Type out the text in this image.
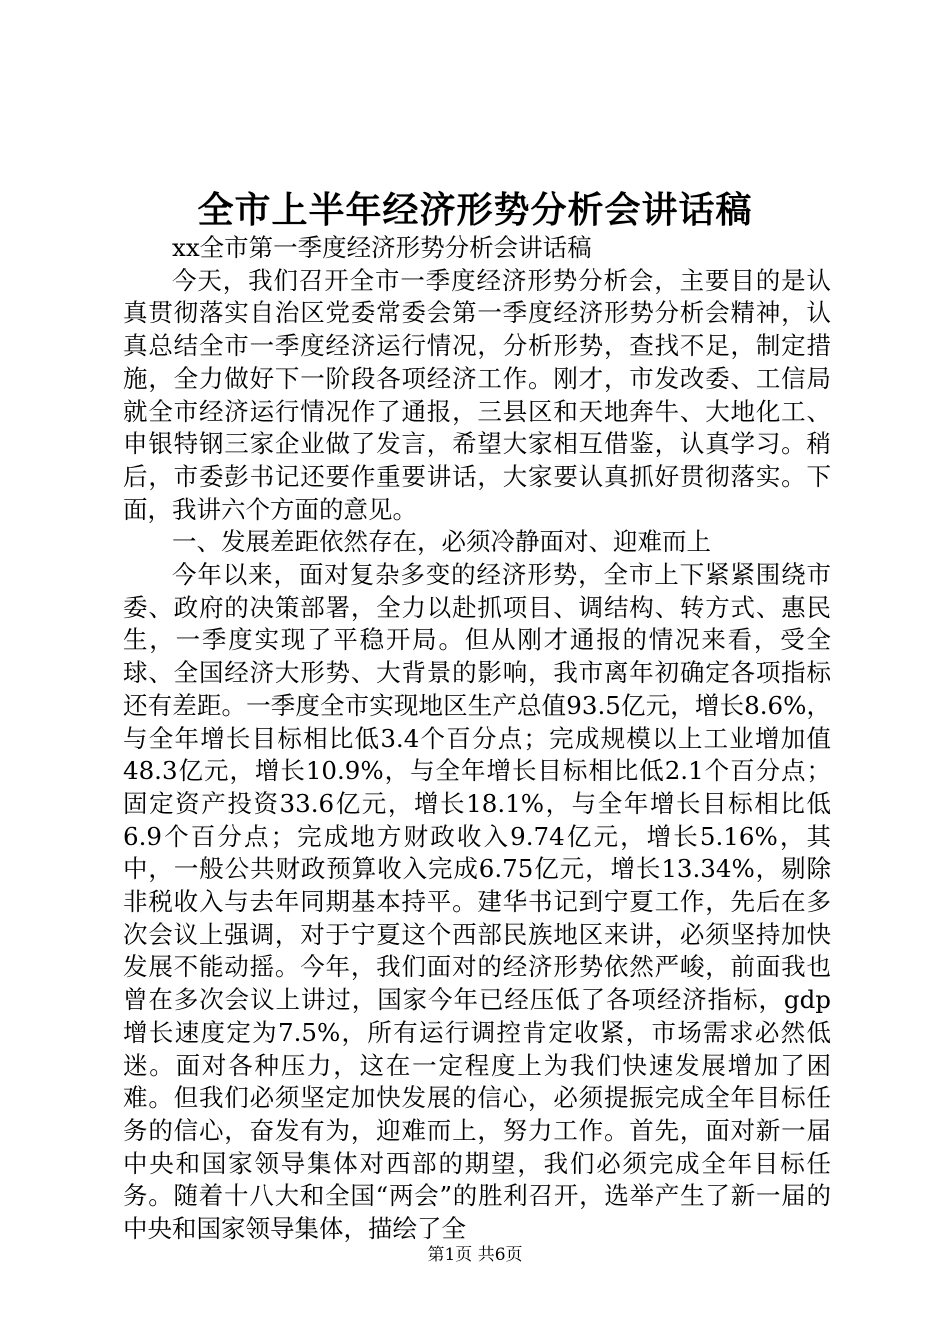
全市上半年经济形势分析会讲话稿

xx全市第一季度经济形势分析会讲话稿

今天，我们召开全市一季度经济形势分析会，主要目的是认真贯彻落实自治区党委常委会第一季度经济形势分析会精神，认真总结全市一季度经济运行情况，分析形势，查找不足，制定措施，全力做好下一阶段各项经济工作。刚才，市发改委、工信局就全市经济运行情况作了通报，三县区和天地奔牛、大地化工、申银特钢三家企业做了发言，希望大家相互借鉴，认真学习。稍后，市委彭书记还要作重要讲话，大家要认真抓好贯彻落实。下面，我讲六个方面的意见。

一、发展差距依然存在，必须冷静面对、迎难而上

今年以来，面对复杂多变的经济形势，全市上下紧紧围绕市委、政府的决策部署，全力以赴抓项目、调结构、转方式、惠民生，一季度实现了平稳开局。但从刚才通报的情况来看，受全球、全国经济大形势、大背景的影响，我市离年初确定各项指标还有差距。一季度全市实现地区生产总值93.5亿元，增长8.6%，与全年增长目标相比低3.4个百分点；完成规模以上工业增加值48.3亿元，增长10.9%，与全年增长目标相比低2.1个百分点；固定资产投资33.6亿元，增长18.1%，与全年增长目标相比低6.9个百分点；完成地方财政收入9.74亿元，增长5.16%，其中，一般公共财政预算收入完成6.75亿元，增长13.34%，剔除非税收入与去年同期基本持平。建华书记到宁夏工作，先后在多次会议上强调，对于宁夏这个西部民族地区来讲，必须坚持加快发展不能动摇。今年，我们面对的经济形势依然严峻，前面我也曾在多次会议上讲过，国家今年已经压低了各项经济指标，gdp增长速度定为7.5%，所有运行调控肯定收紧，市场需求必然低迷。面对各种压力，这在一定程度上为我们快速发展增加了困难。但我们必须坚定加快发展的信心，必须提振完成全年目标任务的信心，奋发有为，迎难而上，努力工作。首先，面对新一届中央和国家领导集体对西部的期望，我们必须完成全年目标任务。随着十八大和全国“两会”的胜利召开，选举产生了新一届的中央和国家领导集体，描绘了全

第1页 共6页
